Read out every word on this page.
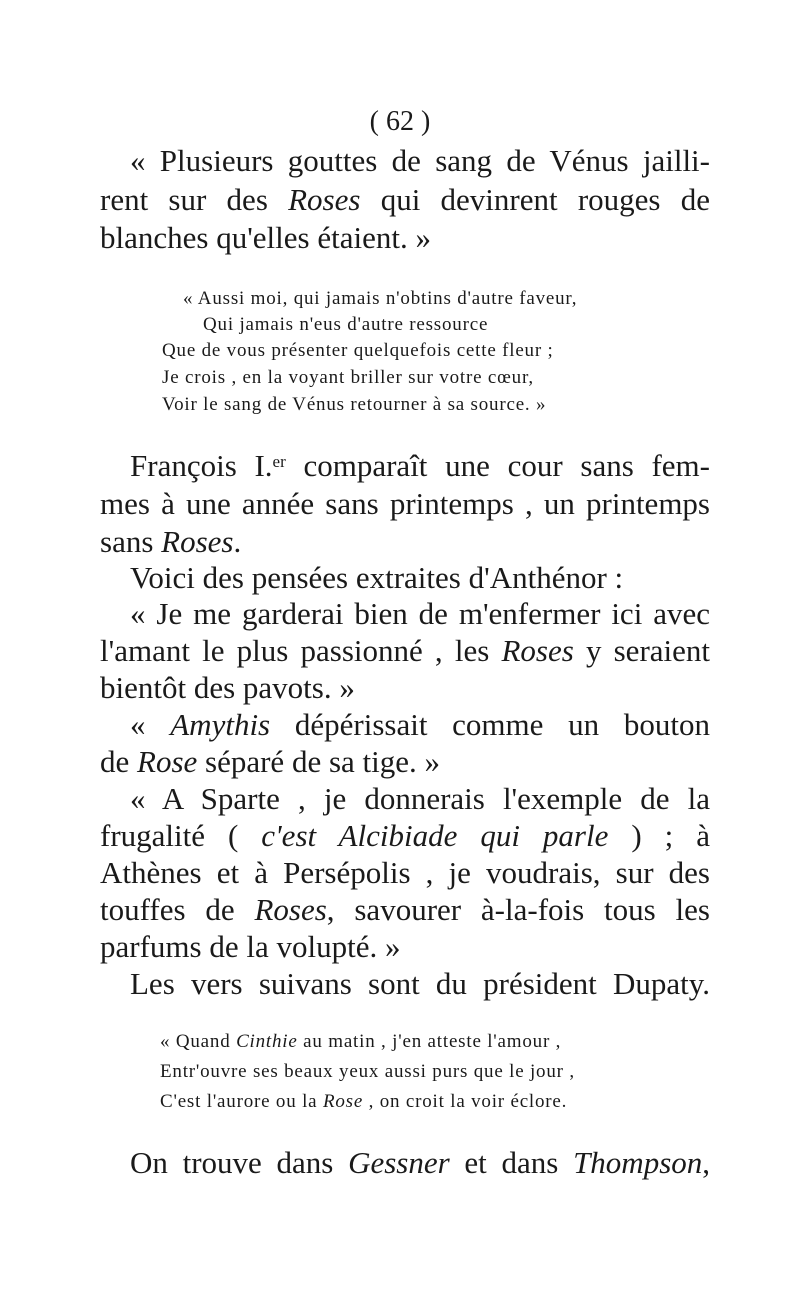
( 62 )
« Plusieurs gouttes de sang de Vénus jailli-
rent sur des Roses qui devinrent rouges de
blanches qu'elles étaient. »
« Aussi moi, qui jamais n'obtins d'autre faveur,
Qui jamais n'eus d'autre ressource
Que de vous présenter quelquefois cette fleur ;
Je crois , en la voyant briller sur votre cœur,
Voir le sang de Vénus retourner à sa source. »
François I.$^{er}$ comparaît une cour sans fem-
mes à une année sans printemps , un printemps
sans Roses.
Voici des pensées extraites d'Anthénor :
« Je me garderai bien de m'enfermer ici avec
l'amant le plus passionné , les Roses y seraient
bientôt des pavots. »
« Amythis dépérissait comme un bouton
de Rose séparé de sa tige. »
« A Sparte , je donnerais l'exemple de la
frugalité ( c'est Alcibiade qui parle ) ; à
Athènes et à Persépolis , je voudrais, sur des
touffes de Roses, savourer à-la-fois tous les
parfums de la volupté. »
Les vers suivans sont du président Dupaty.
« Quand Cinthie au matin , j'en atteste l'amour ,
Entr'ouvre ses beaux yeux aussi purs que le jour ,
C'est l'aurore ou la Rose , on croit la voir éclore.
On trouve dans Gessner et dans Thompson,
